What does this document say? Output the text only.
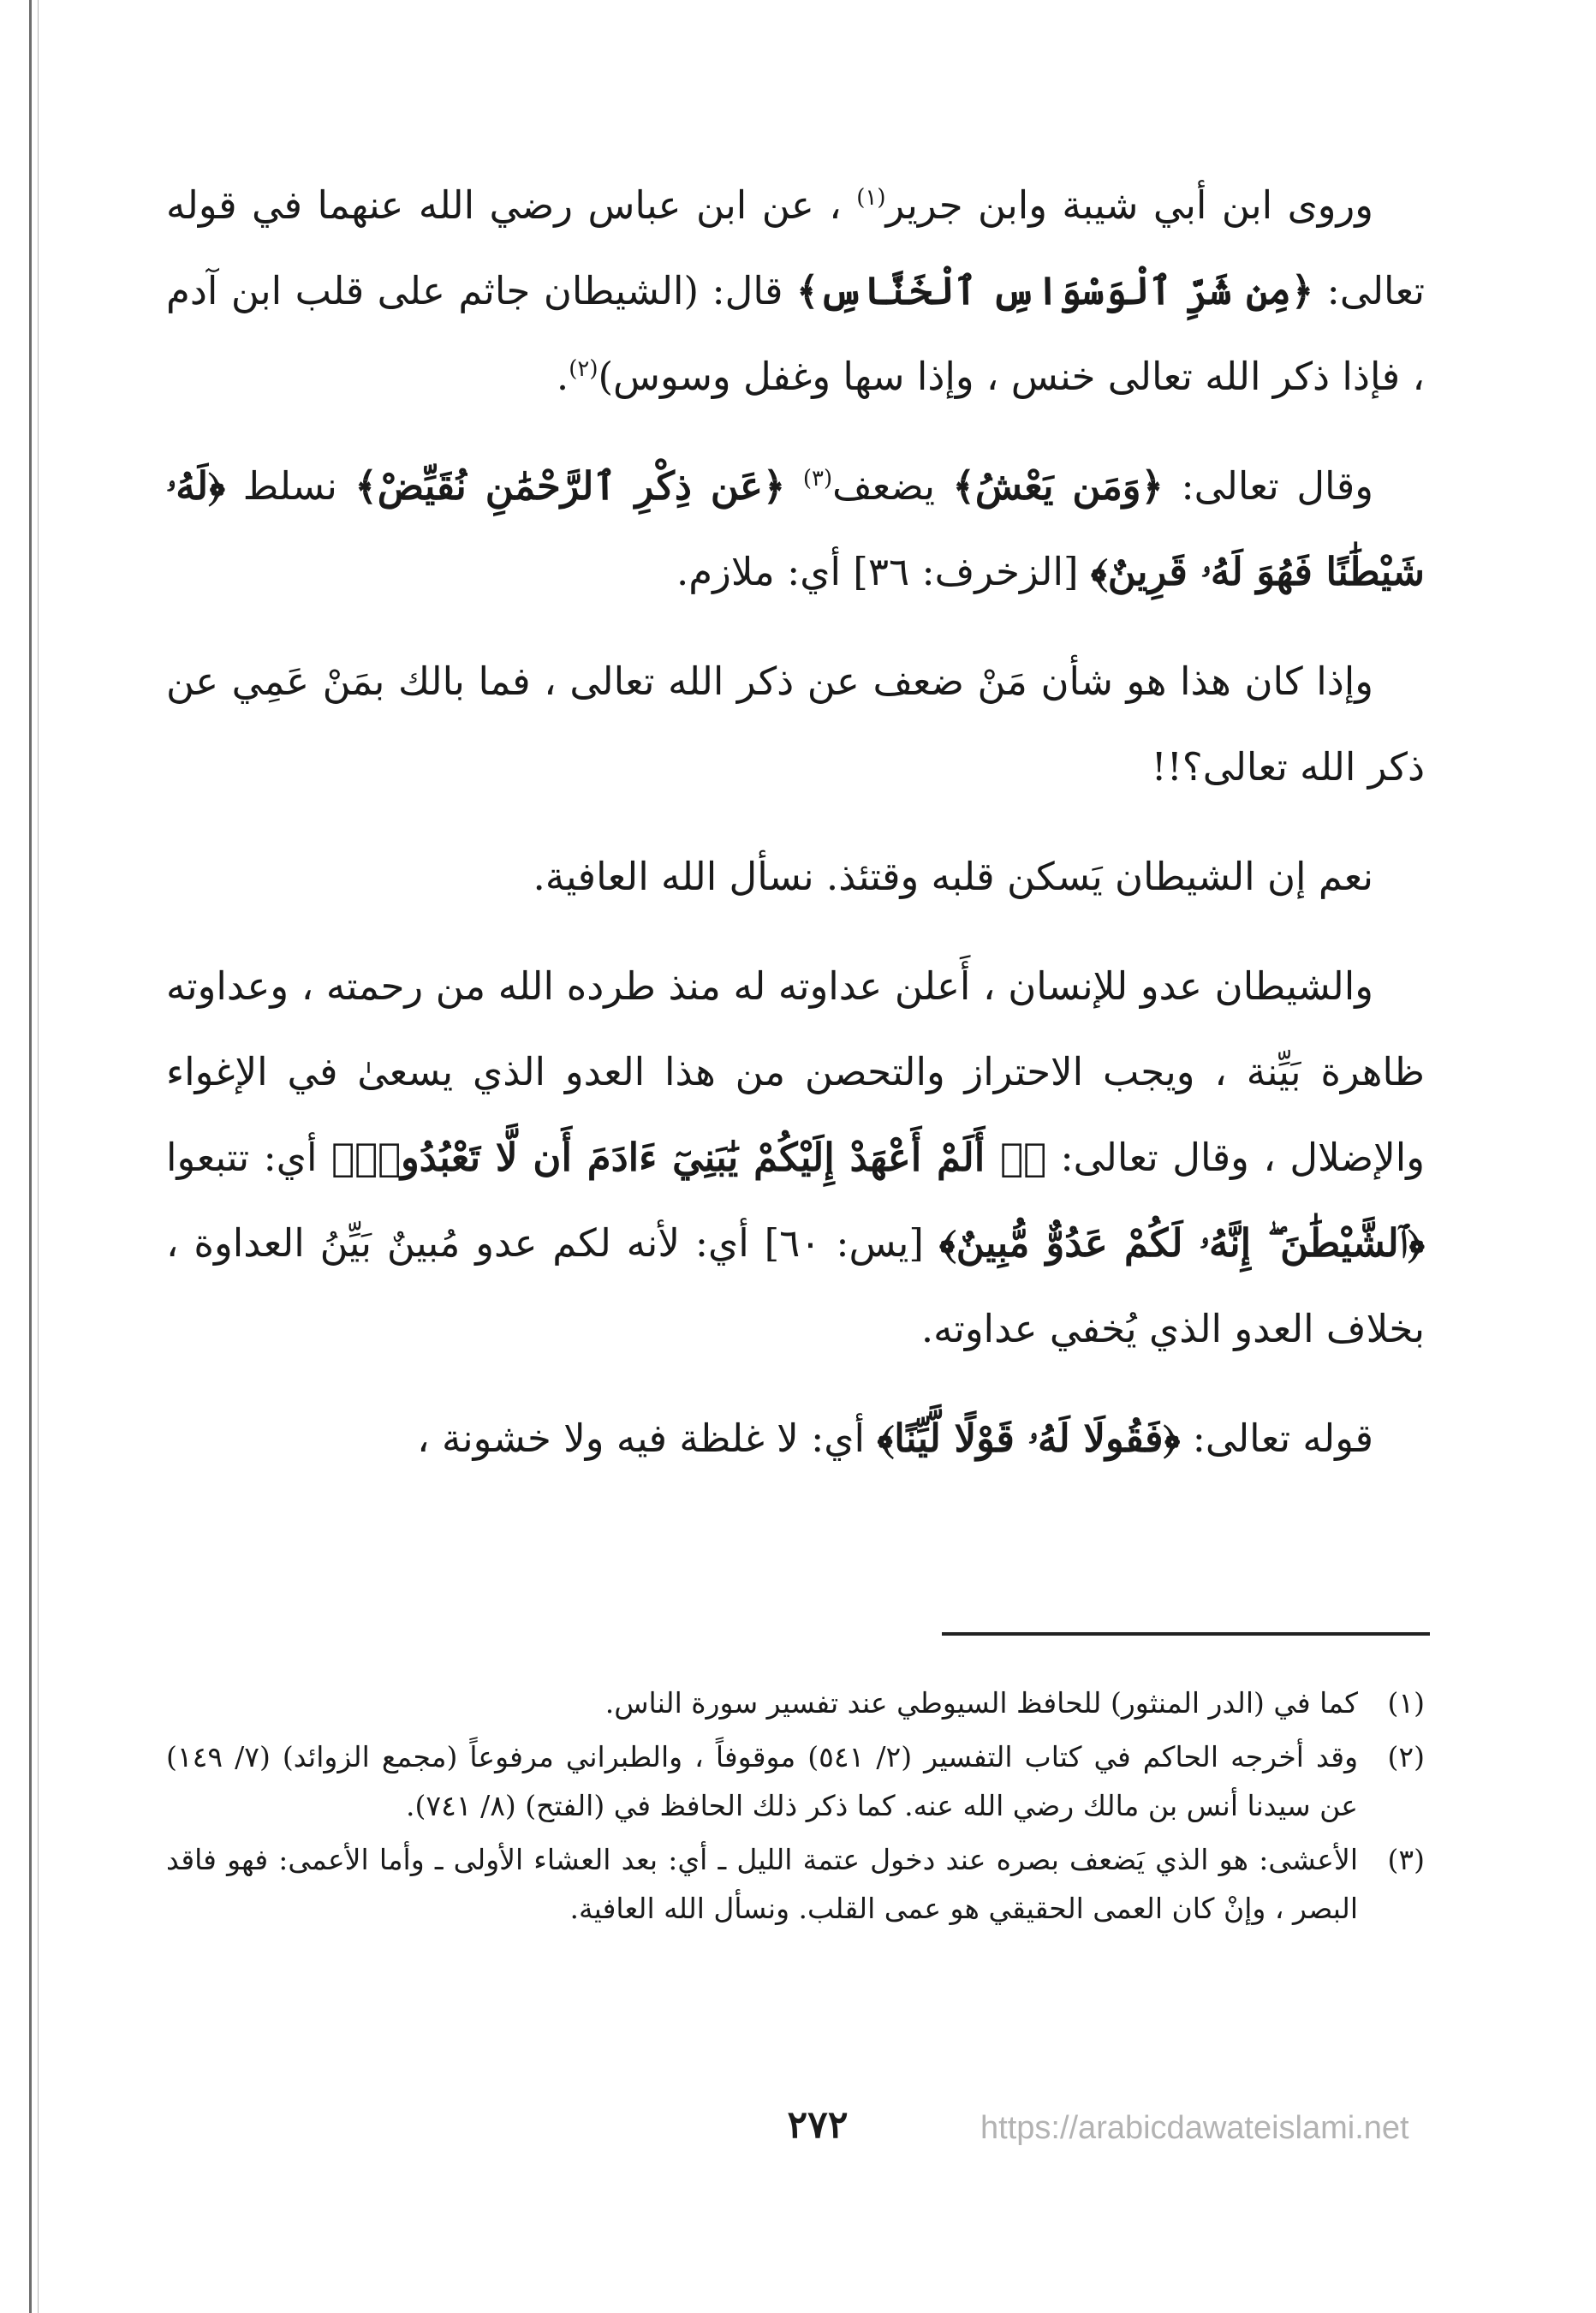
وروى ابن أبي شيبة وابن جرير$^{(١)}$ ، عن ابن عباس رضي الله عنهما في قوله تعالى: ﴿مِن شَرِّ ٱلْوَسْوَاسِ ٱلْخَنَّاسِ﴾ قال: (الشيطان جاثم على قلب ابن آدم ، فإذا ذكر الله تعالى خنس ، وإذا سها وغفل وسوس)$^{(٢)}$.

وقال تعالى: ﴿وَمَن يَعْشُ﴾ يضعف$^{(٣)}$ ﴿عَن ذِكْرِ ٱلرَّحْمَٰنِ نُقَيِّضْ﴾ نسلط ﴿لَهُۥ شَيْطَٰنًا فَهُوَ لَهُۥ قَرِينٌ﴾ [الزخرف: ٣٦] أي: ملازم.

وإذا كان هذا هو شأن مَنْ ضعف عن ذكر الله تعالى ، فما بالك بمَنْ عَمِي عن ذكر الله تعالى؟!!

نعم إن الشيطان يَسكن قلبه وقتئذ. نسأل الله العافية.

والشيطان عدو للإنسان ، أَعلن عداوته له منذ طرده الله من رحمته ، وعداوته ظاهرة بَيِّنة ، ويجب الاحتراز والتحصن من هذا العدو الذي يسعىٰ في الإغواء والإضلال ، وقال تعالى: ﴿۞ أَلَمْ أَعْهَدْ إِلَيْكُمْ يَٰبَنِيٓ ءَادَمَ أَن لَّا تَعْبُدُوا۟﴾ أي: تتبعوا ﴿ٱلشَّيْطَٰنَ ۖ إِنَّهُۥ لَكُمْ عَدُوٌّ مُّبِينٌ﴾ [يس: ٦٠] أي: لأنه لكم عدو مُبينٌ بَيِّنُ العداوة ، بخلاف العدو الذي يُخفي عداوته.

قوله تعالى: ﴿فَقُولَا لَهُۥ قَوْلًا لَّيِّنًا﴾ أي: لا غلظة فيه ولا خشونة ،

(١)
كما في (الدر المنثور) للحافظ السيوطي عند تفسير سورة الناس.
(٢)
وقد أخرجه الحاكم في كتاب التفسير (٢/ ٥٤١) موقوفاً ، والطبراني مرفوعاً (مجمع الزوائد) (٧/ ١٤٩) عن سيدنا أنس بن مالك رضي الله عنه. كما ذكر ذلك الحافظ في (الفتح) (٨/ ٧٤١).
(٣)
الأعشى: هو الذي يَضعف بصره عند دخول عتمة الليل ـ أي: بعد العشاء الأولى ـ وأما الأعمى: فهو فاقد البصر ، وإنْ كان العمى الحقيقي هو عمى القلب. ونسأل الله العافية.
٢٧٢	https://arabicdawateislami.net
